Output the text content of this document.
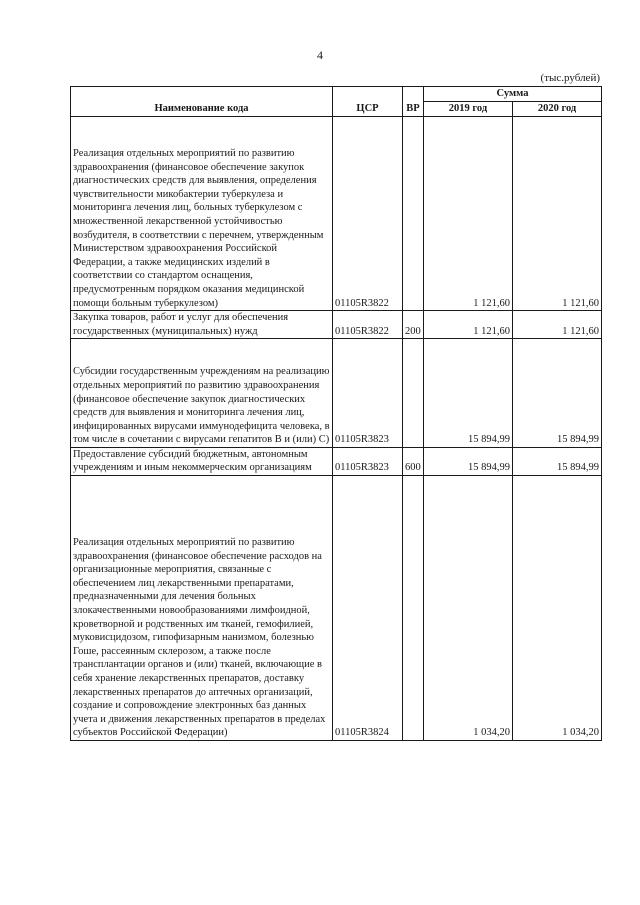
4
(тыс.рублей)
Наименование кода	ЦСР	ВР	Сумма	
			2019 год	2020 год

Реализация отдельных мероприятий по развитию здравоохранения (финансовое обеспечение закупок диагностических средств для выявления, определения чувствительности микобактерии туберкулеза и мониторинга лечения лиц, больных туберкулезом с множественной лекарственной устойчивостью возбудителя, в соответствии с перечнем, утвержденным Министерством здравоохранения Российской Федерации, а также медицинских изделий в соответствии со стандартом оснащения, предусмотренным порядком оказания медицинской помощи больным туберкулезом)	01105R3822		1 121,60	1 121,60
Закупка товаров, работ и услуг для обеспечения государственных (муниципальных) нужд	01105R3822	200	1 121,60	1 121,60

Субсидии государственным учреждениям на реализацию отдельных мероприятий по развитию здравоохранения (финансовое обеспечение закупок диагностических средств для выявления и мониторинга лечения лиц, инфицированных вирусами иммунодефицита человека, в том числе в сочетании с вирусами гепатитов В и (или) С)	01105R3823		15 894,99	15 894,99
Предоставление субсидий бюджетным, автономным учреждениям и иным некоммерческим организациям	01105R3823	600	15 894,99	15 894,99

Реализация отдельных мероприятий по развитию здравоохранения (финансовое обеспечение расходов на организационные мероприятия, связанные с обеспечением лиц лекарственными препаратами, предназначенными для лечения больных злокачественными новообразованиями лимфоидной, кроветворной и родственных им тканей, гемофилией, муковисцидозом, гипофизарным нанизмом, болезнью Гоше, рассеянным склерозом, а также после трансплантации органов и (или) тканей, включающие в себя хранение лекарственных препаратов, доставку лекарственных препаратов до аптечных организаций, создание и сопровождение электронных баз данных учета и движения лекарственных препаратов в пределах субъектов Российской Федерации)	01105R3824		1 034,20	1 034,20
